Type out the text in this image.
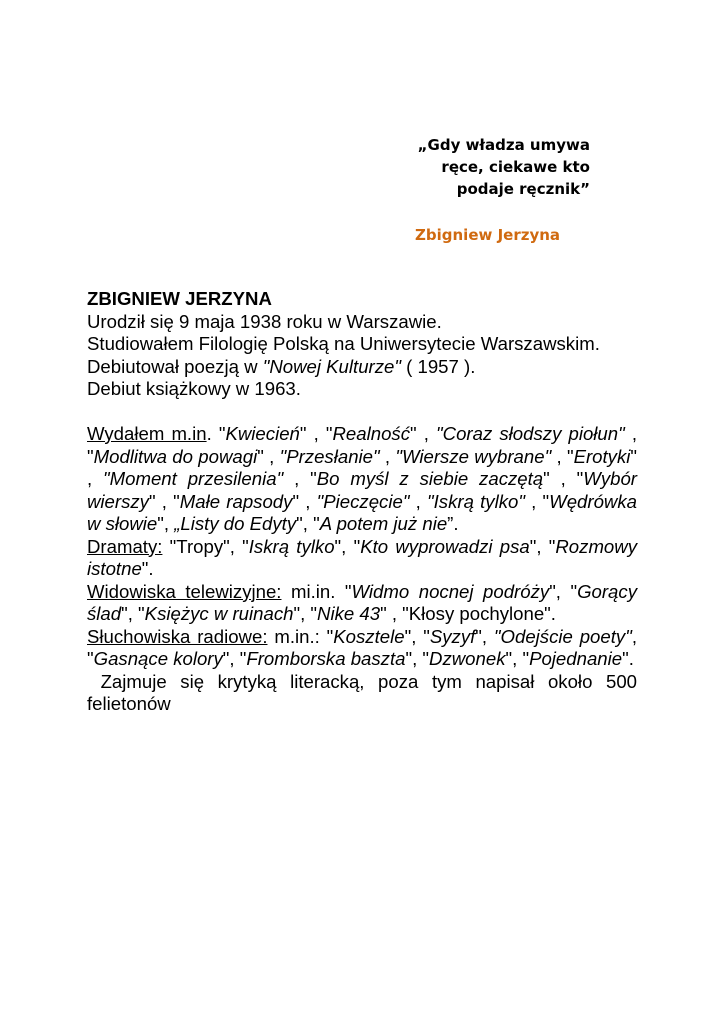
„Gdy władza umywa
ręce, ciekawe kto
podaje ręcznik”
Zbigniew Jerzyna
ZBIGNIEW JERZYNA

Urodził się 9 maja 1938 roku w Warszawie.

Studiowałem Filologię Polską na Uniwersytecie Warszawskim.

Debiutował poezją w "Nowej Kulturze" ( 1957 ).

Debiut książkowy w 1963.

Wydałem m.in. "Kwiecień" , "Realność" , "Coraz słodszy piołun" , "Modlitwa do powagi" , "Przesłanie" , "Wiersze wybrane" , "Erotyki" , "Moment przesilenia" , "Bo myśl z siebie zaczętą" , "Wybór wierszy" , "Małe rapsody" , "Pieczęcie" , "Iskrą tylko" , "Wędrówka w słowie", „Listy do Edyty", "A potem już nie”.

Dramaty: "Tropy", "Iskrą tylko", "Kto wyprowadzi psa", "Rozmowy istotne".

Widowiska telewizyjne: mi.in. "Widmo nocnej podróży", "Gorący ślad", "Księżyc w ruinach", "Nike 43" , "Kłosy pochylone".

Słuchowiska radiowe: m.in.: "Kosztele", "Syzyf", "Odejście poety", "Gasnące kolory", "Fromborska baszta", "Dzwonek", "Pojednanie".

Zajmuje się krytyką literacką, poza tym napisał około 500 felietonów
